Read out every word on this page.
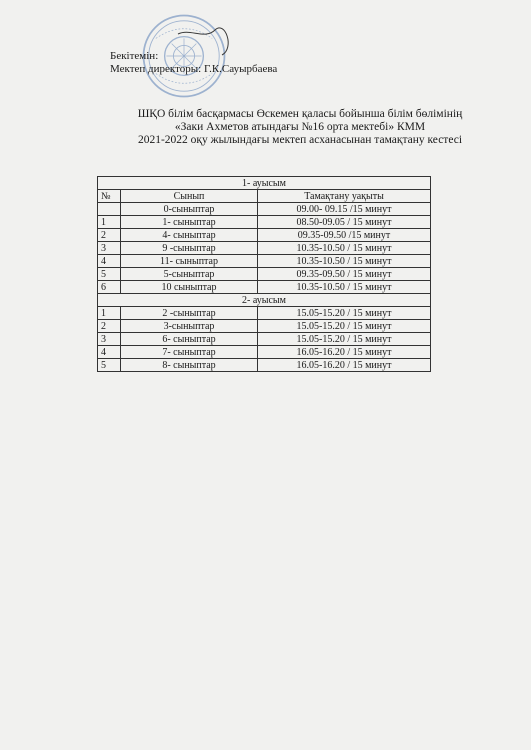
Бекітемін:
Мектеп директоры: Г.К.Сауырбаева
ШҚО білім басқармасы Өскемен қаласы бойынша білім бөлімінің
«Заки Ахметов атындағы №16 орта мектебі» КММ
2021-2022 оқу жылындағы мектеп асханасынан тамақтану кестесі
1- ауысым		
№	Сынып	Тамақтану уақыты
	0-сыныптар	09.00- 09.15 /15 минут
1	1- сыныптар	08.50-09.05 / 15 минут
2	4- сыныптар	09.35-09.50 /15 минут
3	9 -сыныптар	10.35-10.50 / 15 минут
4	11- сыныптар	10.35-10.50 / 15 минут
5	5-сыныптар	09.35-09.50 / 15 минут
6	10 сыныптар	10.35-10.50 / 15 минут
2- ауысым		
1	2 -сыныптар	15.05-15.20 / 15 минут
2	3-сыныптар	15.05-15.20 / 15 минут
3	6- сыныптар	15.05-15.20 / 15 минут
4	7- сыныптар	16.05-16.20 / 15 минут
5	8- сыныптар	16.05-16.20 / 15 минут
